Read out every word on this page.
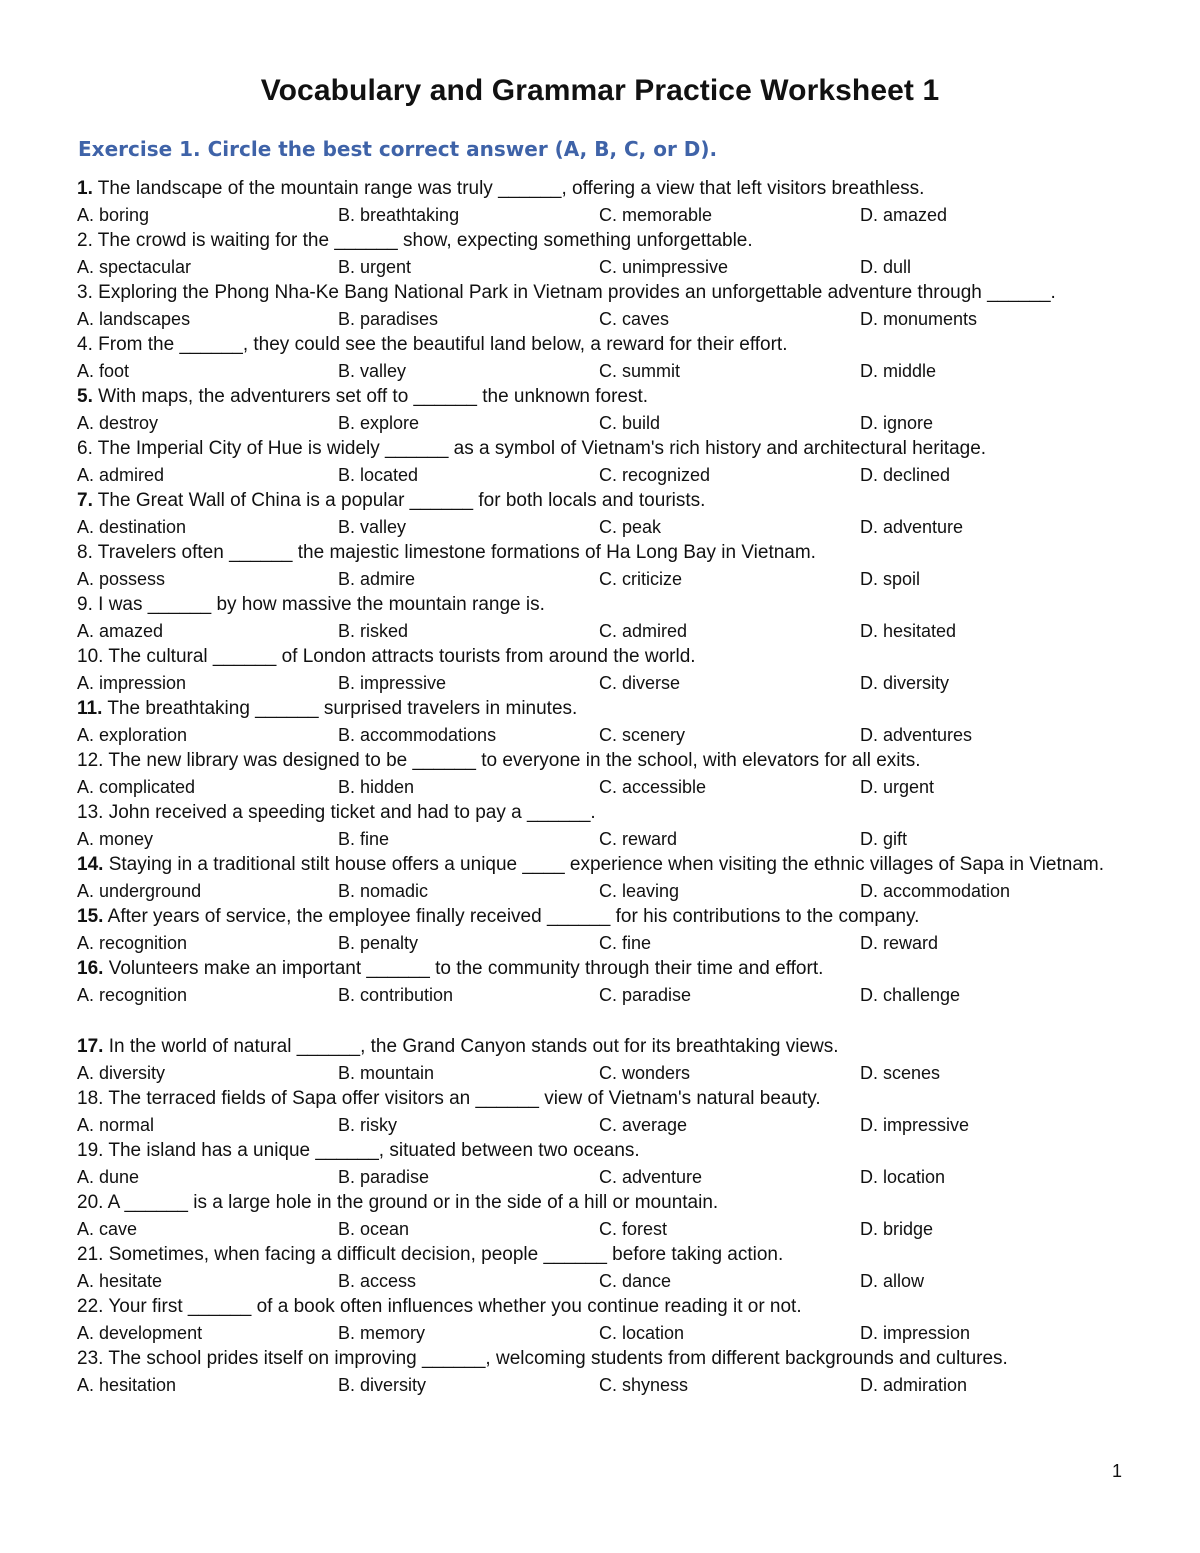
Vocabulary and Grammar Practice Worksheet 1
Exercise 1. Circle the best correct answer (A, B, C, or D).
1. The landscape of the mountain range was truly ______, offering a view that left visitors breathless.
A. boring	B. breathtaking	C. memorable	D. amazed
2. The crowd is waiting for the ______ show, expecting something unforgettable.
A. spectacular	B. urgent	C. unimpressive	D. dull
3. Exploring the Phong Nha-Ke Bang National Park in Vietnam provides an unforgettable adventure through ______.
A. landscapes	B. paradises	C. caves	D. monuments
4. From the ______, they could see the beautiful land below, a reward for their effort.
A. foot	B. valley	C. summit	D. middle
5. With maps, the adventurers set off to ______ the unknown forest.
A. destroy	B. explore	C. build	D. ignore
6. The Imperial City of Hue is widely ______ as a symbol of Vietnam's rich history and architectural heritage.
A. admired	B. located	C. recognized	D. declined
7. The Great Wall of China is a popular ______ for both locals and tourists.
A. destination	B. valley	C. peak	D. adventure
8. Travelers often ______ the majestic limestone formations of Ha Long Bay in Vietnam.
A. possess	B. admire	C. criticize	D. spoil
9. I was ______ by how massive the mountain range is.
A. amazed	B. risked	C. admired	D. hesitated
10. The cultural ______ of London attracts tourists from around the world.
A. impression	B. impressive	C. diverse	D. diversity
11. The breathtaking ______ surprised travelers in minutes.
A. exploration	B. accommodations	C. scenery	D. adventures
12. The new library was designed to be ______ to everyone in the school, with elevators for all exits.
A. complicated	B. hidden	C. accessible	D. urgent
13. John received a speeding ticket and had to pay a ______.
A. money	B. fine	C. reward	D. gift
14. Staying in a traditional stilt house offers a unique ____ experience when visiting the ethnic villages of Sapa in Vietnam.
A. underground	B. nomadic	C. leaving	D. accommodation
15. After years of service, the employee finally received ______ for his contributions to the company.
A. recognition	B. penalty	C. fine	D. reward
16. Volunteers make an important ______ to the community through their time and effort.
A. recognition	B. contribution	C. paradise	D. challenge
17. In the world of natural ______, the Grand Canyon stands out for its breathtaking views.
A. diversity	B. mountain	C. wonders	D. scenes
18. The terraced fields of Sapa offer visitors an ______ view of Vietnam's natural beauty.
A. normal	B. risky	C. average	D. impressive
19. The island has a unique ______, situated between two oceans.
A. dune	B. paradise	C. adventure	D. location
20. A ______ is a large hole in the ground or in the side of a hill or mountain.
A. cave	B. ocean	C. forest	D. bridge
21. Sometimes, when facing a difficult decision, people ______ before taking action.
A. hesitate	B. access	C. dance	D. allow
22. Your first ______ of a book often influences whether you continue reading it or not.
A. development	B. memory	C. location	D. impression
23. The school prides itself on improving ______, welcoming students from different backgrounds and cultures.
A. hesitation	B. diversity	C. shyness	D. admiration
1
